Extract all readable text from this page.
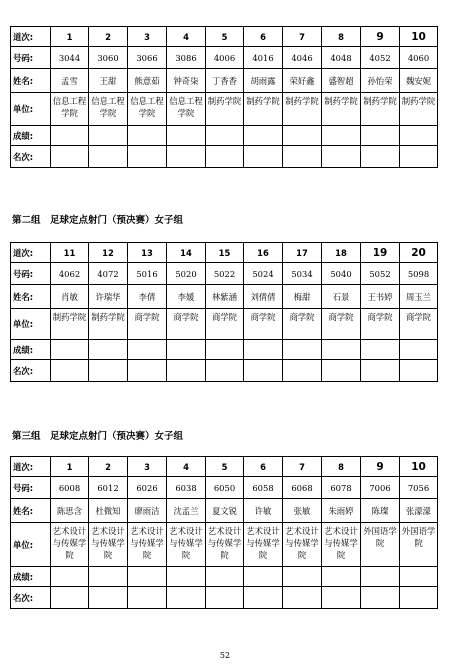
第二组　足球定点射门（预决赛）女子组
第三组　足球定点射门（预决赛）女子组
52
道次:	1	2	3	4	5	6	7	8	9	10
号码:	3044	3060	3066	3086	4006	4016	4046	4048	4052	4060
姓名:	孟雪	王甜	熊意茹	钟奇柒	丁香香	胡雨露	荣好鑫	盛智超	孙怡荣	魏安妮
单位:	信息工程学院	信息工程学院	信息工程学院	信息工程学院	制药学院	制药学院	制药学院	制药学院	制药学院	制药学院
成绩:										
名次:										
道次:	11	12	13	14	15	16	17	18	19	20
号码:	4062	4072	5016	5020	5022	5024	5034	5040	5052	5098
姓名:	肖敏	许瑞华	李倩	李媛	林紫涵	刘倩倩	梅甜	石景	王书婷	周玉兰
单位:	制药学院	制药学院	商学院	商学院	商学院	商学院	商学院	商学院	商学院	商学院
成绩:										
名次:										
道次:	1	2	3	4	5	6	7	8	9	10
号码:	6008	6012	6026	6038	6050	6058	6068	6078	7006	7056
姓名:	陈思含	杜微知	廖雨洁	沈孟兰	夏文锐	许敏	张敏	朱雨婷	陈璨	张濛濛
单位:	艺术设计与传媒学院	艺术设计与传媒学院	艺术设计与传媒学院	艺术设计与传媒学院	艺术设计与传媒学院	艺术设计与传媒学院	艺术设计与传媒学院	艺术设计与传媒学院	外国语学院	外国语学院
成绩:										
名次:										
